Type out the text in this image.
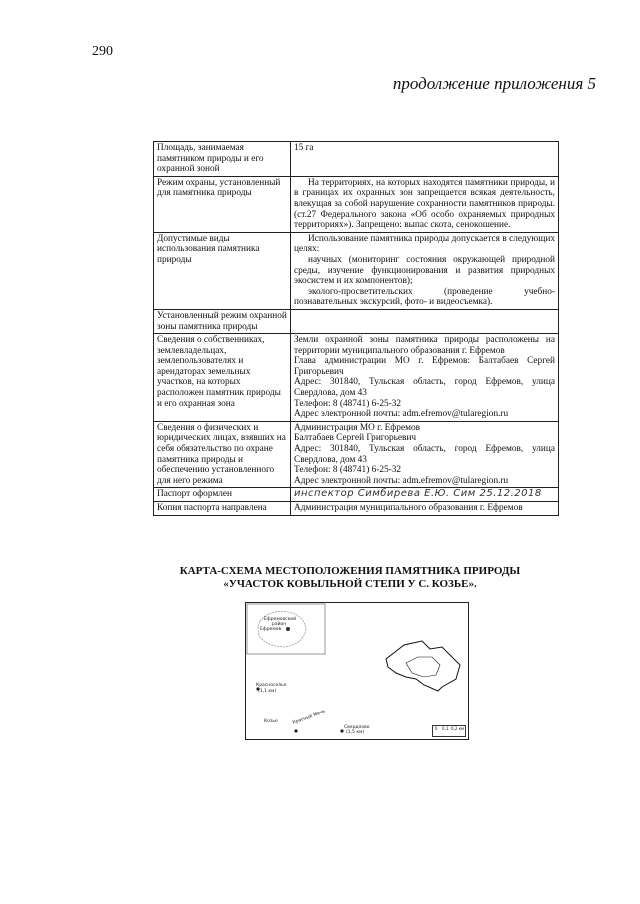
290
продолжение приложения 5
Площадь, занимаемая памятником природы и его охранной зоной	15 га

Режим охраны, установленный для памятника природы	На территориях, на которых находятся памятники природы, и в границах их охранных зон запрещается всякая деятельность, влекущая за собой нарушение сохранности памятников природы. (ст.27 Федерального закона «Об особо охраняемых природных территориях»). Запрещено: выпас скота, сенокошение.

Допустимые виды использования памятника природы	Использование памятника природы допускается в следующих целях:

научных (мониторинг состояния окружающей природной среды, изучение функционирования и развития природных экосистем и их компонентов);

эколого-просветительских (проведение учебно-познавательных экскурсий, фото- и видеосъемка).

Установленный режим охранной зоны памятника природы	

Сведения о собственниках, землевладельцах, землепользователях и арендаторах земельных участков, на которых расположен памятник природы и его охранная зона	Земли охранной зоны памятника природы расположены на территории муниципального образования г. Ефремов

Глава администрации МО г. Ефремов: Балтабаев Сергей Григорьевич

Адрес: 301840, Тульская область, город Ефремов, улица Свердлова, дом 43

Телефон: 8 (48741) 6-25-32

Адрес электронной почты: adm.efremov@tularegion.ru

Сведения о физических и юридических лицах, взявших на себя обязательство по охране памятника природы и обеспечению установленного для него режима	Администрация МО г. Ефремов

Балтабаев Сергей Григорьевич

Адрес: 301840, Тульская область, город Ефремов, улица Свердлова, дом 43

Телефон: 8 (48741) 6-25-32

Адрес электронной почты: adm.efremov@tularegion.ru

Паспорт оформлен	инспектор Симбирева Е.Ю. Сим 25.12.2018

Копия паспорта направлена	Администрация муниципального образования г. Ефремов

КАРТА-СХЕМА МЕСТОПОЛОЖЕНИЯ ПАМЯТНИКА ПРИРОДЫ
«УЧАСТОК КОВЫЛЬНОЙ СТЕПИ У С. КОЗЬЕ».
Ефремовский
район
Ефремов
Красноселье
(1,1 км)
Козье	Красный Мечь
Свердлово
(1,5 км)
0 0,1 0,2 км
